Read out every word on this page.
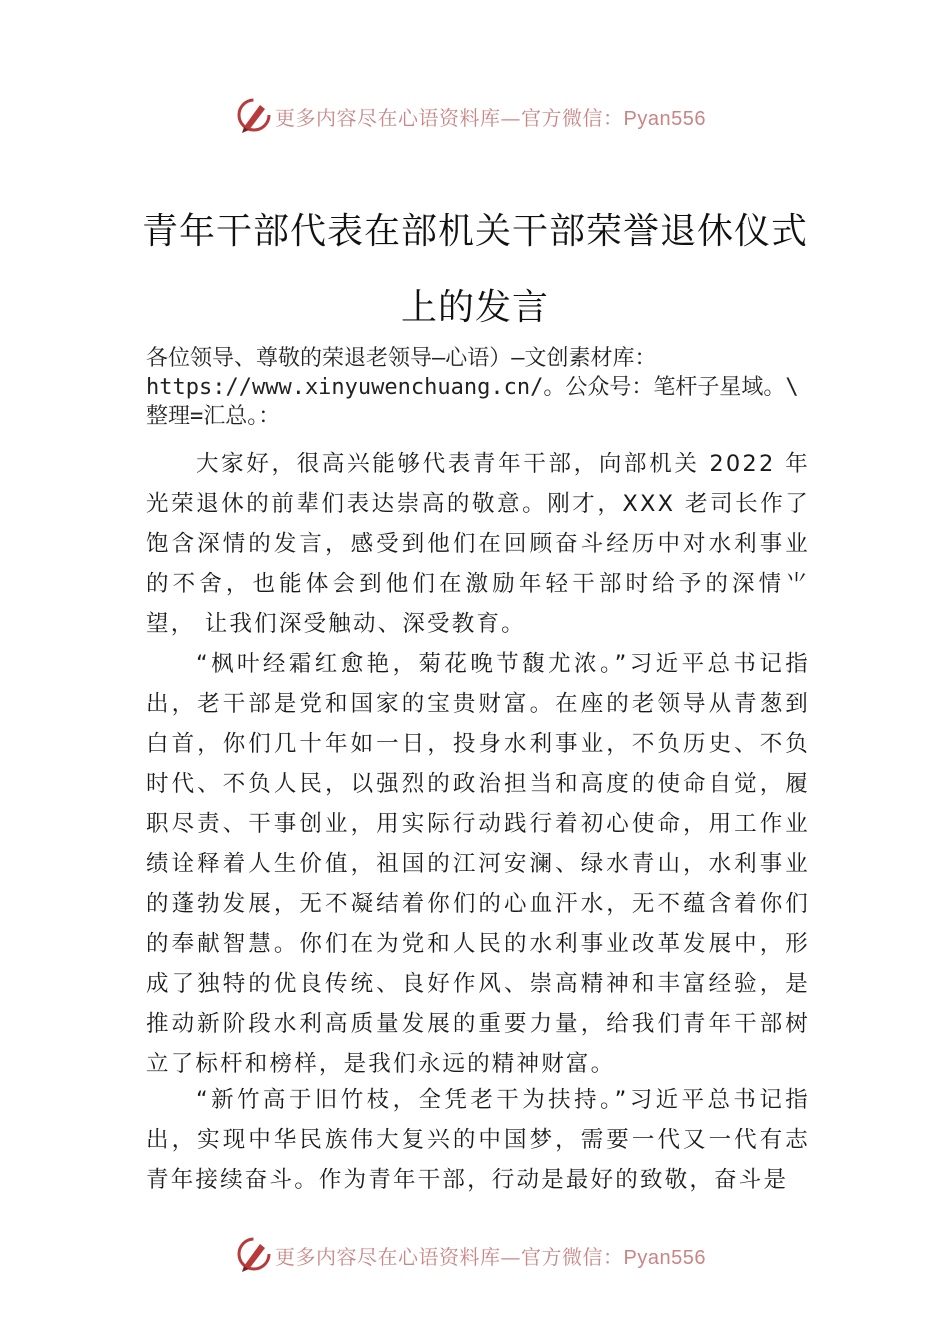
更多内容尽在心语资料库—官方微信：Pyan556
青年干部代表在部机关干部荣誉退休仪式
上的发言
各位领导、尊敬的荣退老领导—心语）—文创素材库：
https://www.xinyuwenchuang.cn/。公众号：笔杆子星域。\
整理=汇总。：

大家好，很高兴能够代表青年干部，向部机关 2022 年光荣退休的前辈们表达崇高的敬意。刚才，XXX 老司长作了饱含深情的发言，感受到他们在回顾奋斗经历中对水利事业的不舍，也能体会到他们在激励年轻干部时给予的深情⺌望， 让我们深受触动、深受教育。

“枫叶经霜红愈艳，菊花晚节馥尤浓。”习近平总书记指出，老干部是党和国家的宝贵财富。在座的老领导从青葱到白首，你们几十年如一日，投身水利事业，不负历史、不负时代、不负人民，以强烈的政治担当和高度的使命自觉，履职尽责、干事创业，用实际行动践行着初心使命，用工作业绩诠释着人生价值，祖国的江河安澜、绿水青山，水利事业的蓬勃发展，无不凝结着你们的心血汗水，无不蕴含着你们的奉献智慧。你们在为党和人民的水利事业改革发展中，形成了独特的优良传统、良好作风、崇高精神和丰富经验，是推动新阶段水利高质量发展的重要力量，给我们青年干部树立了标杆和榜样，是我们永远的精神财富。

“新竹高于旧竹枝，全凭老干为扶持。”习近平总书记指出，实现中华民族伟大复兴的中国梦，需要一代又一代有志青年接续奋斗。作为青年干部，行动是最好的致敬，奋斗是

更多内容尽在心语资料库—官方微信：Pyan556
